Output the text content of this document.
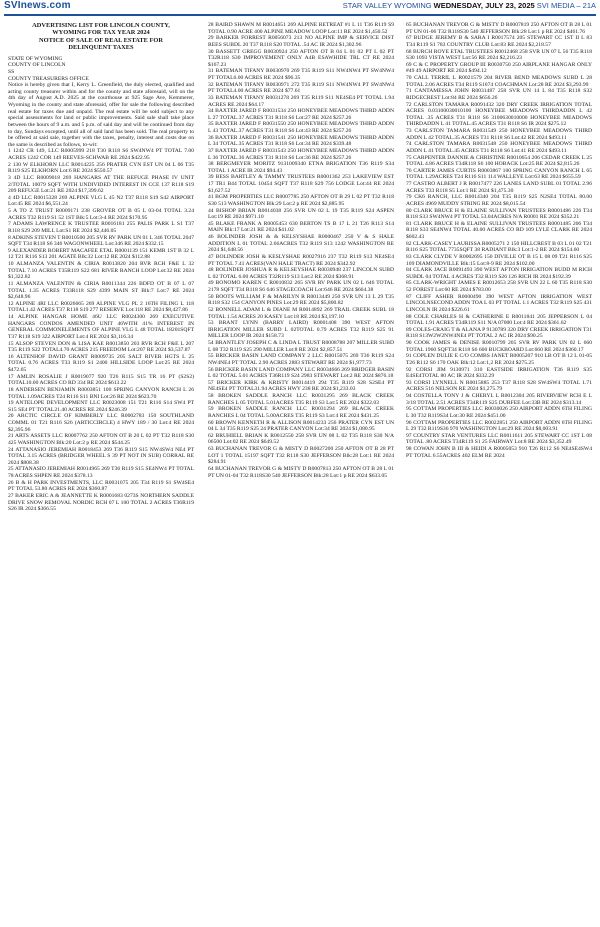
SVInews.com	STAR VALLEY WYOMING WEDNESDAY, JULY 23, 2025 SVI MEDIA – 21A

ADVERTISING LIST FOR LINCOLN COUNTY,
WYOMING FOR TAX YEAR 2024
NOTICE OF SALE OF REAL ESTATE FOR
DELINQUENT TAXES

STATE OF WYOMING
COUNTY OF LINCOLN
SS
COUNTY TREASURERS OFFICE

Notice is hereby given that I, Kerry L. Greenfield, the duly elected, qualified and acting county treasurer within and for the county and state aforesaid, will on the 4th day of August A.D. 2025 at the courthouse at 925 Sage Ave, Kemmerer, Wyoming in the county and state aforesaid, offer for sale the following described real estate for taxes due and unpaid. The real estate will be sold subject to any special assessments for land or public improvements. Said sale shall take place between the hours of 9 a.m. and 5 p.m. of said day and will be continued from day to day, Sundays excepted, until all of said land has been sold. The real property to be offered at said sale, together with the taxes, penalty, interest and costs due on the same is described as follows, to-wit:

1 1242 CR 149, LLC R0005999 218 T30 R118 S6 SW4NW4 PT TOTAL 7.00 ACRES 1242 COR 149 REEVES-SCHWAB RE 2024 $422.95

2 130 W ELKHORN LLC R0014225 256 PRATER CYN EST UN 04 L 06 T35 R119 S25 ELKHORN Lot:6 RE 2024 $550.57

3 4D LLC R0009018 269 HANGARS AT THE REFUGE PHASE IV UNIT 2/TOTAL 10079 SQFT WITH UNDIVIDED INTEREST IN CCE 137 R118 S19 209 REFUGE Lot:21 RE 2024 $17,399.62

4 4D LLC R0015328 269 ALPINE VLG L 45 N2 T37 R118 S19 S42 AIRPORT Lot:45 RE 2024 $6,551.24

5 A TO Z TRUST R0009171 238 GROVER OT B 05 L 03-04 TOTAL 3.24 ACRES T32 R119 S1 52 1ST Blk:5 Lot:3-4 RE 2024 $170.95

7 ADAMS LAWRENCE K TRUSTEE R0016181 255 PALIS PARK L S1 T37 R118 S29 209 MILL Lot:S1 RE 2024 $2,446.05

8 ADKINS STEVEN T R0010500 205 SVR RV PARK UN 01 L 346 TOTAL 2047 SQFT T34 R118 S6 346 WAGONWHEEL Lot:346 RE 2024 $332.15

9 ALEXANDER ROBERT MACAFEE ETAL R0001139 151 KEMR 1ST B 32 L 12 T21 R116 S13 201 AGATE Blk:32 Lot:12 RE 2024 $112.88

10 ALMANZA VALENTIN & CIRIA R0013820 204 RVR RCH F&E L 32 TOTAL 7.10 ACRES T35R119 S22 681 RIVER RANCH LOOP Lot:32 RE 2024 $1,322.82

11 ALMANZA VALENTIN & CIRIA R0011344 226 BDFD OT B 07 L 07 TOTAL 1.35 ACRES T33R118 S29 4399 MAIN ST Blk:7 Lot:7 RE 2024 $2,648.96

12 ALPINE 4RI LLC R0026665 269 ALPINE VLG PL 2 16TH FILING L 118 TOTAL1.42 ACRES T37 R118 S19 277 RESERVE Lot:118 RE 2024 $8,427.86

14 ALPINE HANGAR HOME 46U LLC R0024300 269 EXECUTIVE HANGARS CONDOS AMENDED UNIT 46WITH 41% INTEREST IN GENERAL COMMONELEMENTS OF ALPINE VLG L 48 TOTAL 18201SQFT T37 R118 S19 322 AIRPORT Lot:4 RE 2024 $3,116.34

15 ALSOP STEVEN DON & LISA KAE R0013850 203 RVR RCH F&E L 207 T35 R119 S22 TOTAL4.70 ACRES 215 FREEDOM Lot:207 RE 2024 $3,537.87

16 ALTENHOF DAVID GRANT R0009735 205 SALT RIVER HGTS L 25 TOTAL 0.76 ACRES T33 R119 S1 2400 HILLSIDE LOOP Lot:25 RE 2024 $472.65

17 AMLIN ROSALIE J R0019077 920 T26 R115 S15 TR 16 PT (S2S2) TOTAL10.00 ACRES CO RD 334 RE 2024 $613.22

18 ANDERSEN BENJAMIN R0003851 100 SPRING CANYON RANCH L 26 TOTAL 1.09ACRES T24 R116 S11 BNI Lot:26 RE 2024 $623.70

19 ANTELOPE DEVELOPMENT LLC R0023008 151 T21 R116 S14 SW4 PT S15 SE4 PT TOTAL21.40 ACRES RE 2024 $246.39

20 ARCTIC CIRCLE OF KIMBERLY LLC R0002783 150 SOUTHLAND COMML 01 T21 R116 S26 (ARTICCIRCLE) 4 HWY 189 / 30 Lot:4 RE 2024 $2,395.96

21 ARTS ASSETS LLC R0007762 250 AFTON OT B 20 L 02 PT T32 R118 S30 425 WASHINGTON Blk:20 Lot:2 p RE 2024 $544.25

24 ATTANASIO JEREMIAH R0018453 269 T36 R119 S15 NW4SW4 NE4 PT TOTAL 3.15 ACRES (BRIDGER WHEEL S 39 PT NOT IN SUB) CORRAL RE 2024 $808.38

25 ATTANASIO JEREMIAH R0014965 269 T36 R119 S15 SE4NW4 PT TOTAL 78 ACRES SHPEN RE 2024 $378.13

26 B & H PARK INVESTMENTS, LLC R0031075 205 T34 R119 S1 SW4SE4 PT TOTAL 53.80 ACRES RE 2024 $360.87

27 BAKER ERIC A & JEANNETTE K R0001683 0273S NORTHERN SADDLE DRIVE SNOW REMOVAL NORDIC RCH 07 L 100 TOTAL 2 ACRES T36R119 S26 IR 2024 $366.55

28 BAIRD SHAWN M R0014651 269 ALPINE RETREAT #1 L 11 T36 R119 S9 TOTAL 0.90 ACRE 400 ALPINE MEADOW LOOP Lot:11 RE 2024 $1,450.52

29 BARKER FORREST R0056073 213 NO ALPINE IMP & SERVICE DIST REES SUBDL 20 T37 R118 S20 TOTAL .54 AC IR 2024 $1,302.96

30 BASSETT GREGG R0030924 250 AFTON OT B 04 L 01 02 PT L 02 PT T32R118 S30 IMPROVEMENT ONLY A4B ESAWHIDE TRL CT RE 2024 $167.23

31 BATEMAN TIFANY R0030970 269 T35 R119 S11 NW4NW4 PT SW4NW4 PT TOTAL6.00 ACRES RE 2024 $96.35

32 BATEMAN TIFANY R0030971 272 T35 R119 S11 NW4NW4 PT SW4NW4 PT TOTAL4.00 ACRES RE 2024 $77.61

33 BATEMAN TIFANY R0031278 269 T35 R119 S11 NE4SE4 PT TOTAL 1.94 ACRES RE 2024 $64.17

34 BAXTER JARED F R0031534 250 HONEYBEE MEADOWS THIRD ADDN L 27 TOTAL.37 ACRES T31 R118 S6 Lot:27 RE 2024 $257.26

35 BAXTER JARED F R0031550 250 HONEYBEE MEADOWS THIRD ADDN L 43 TOTAL.37 ACRES T31 R118 S6 Lot:43 RE 2024 $257.26

36 BAXTER JARED F R0031541 250 HONEYBEE MEADOWS THIRD ADDN L 34 TOTAL.35 ACRES T31 R118 S6 Lot:34 RE 2024 $339.48

37 BAXTER JARED F R0031543 250 HONEYBEE MEADOWS THIRD ADDN L 36 TOTAL.36 ACRES T31 R118 S6 Lot:36 RE 2024 $257.26

38 BERGMEYER MORITZ 9131009340 ETNA BRIGATION T36 R119 S34 TOTAL 1 ACRE IR 2024 $94.43

39 BESS BARTLEY & TAMMY TRUSTEES R0001362 253 LAKEVIEW EST 17 TR1 B44 TOTAL 10454 SQFT T37 R118 S29 756 LODGE Lot:44 RE 2024 $1,627.52

41 BGM PROPERTIES LLC R0007785 250 AFTON OT B 29 L 02 PT T32 R118 S30 513 WASHINGTON Blk:29 Lot:2 p RE 2024 $2,885.95

44 BISHOP BRIAN R0014038 256 SVR UN 02 L 19 T35 R119 S24 ASPEN Lot:19 RE 2024 $971.10

45 BLAKE FRANK A R0005453 630 BERTON TS B 17 L 21 T26 R113 S14 MAIN Blk:17 Lot:21 RE 2024 $41.02

46 BOLINDER JOSH & & KELSYSHAE R0000467 250 V & S HALE ADDITION L 01 TOTAL 2.66ACRES T32 R119 S13 1242 WASHINGTON RE 2024 $1,648.56

47 BOLINDER JOSH & KESLYSHAE R0027916 237 T32 R119 S13 NE4SE4 PT TOTAL 7.41 ACRES(VAN HALE TRACT) RE 2024 $342.92

48 BOLINDER JOSHUA R & KELSEYSHAE R0030948 237 LINCOLN SUBD L 02 TOTAL 6.00 ACRES T32R119 S13 Lot:2 RE 2024 $368.91

49 BONOMO KAREN C R0010832 265 SVR RV PARK UN 02 L 646 TOTAL 2178 SQFT T34 R118 S6 646 STAGECOACH Lot:646 RE 2024 $664.38

50 BOOTS WILLIAM F & MARILYN R R0013449 250 SVR UN 13 L 29 T35 R118 S32 154 CANYON PINES Lot:29 RE 2024 $5,800.82

52 BONNELL ADAM L & DIANE M R0014892 269 TRAIL CREEK SUBL 18 TOTAL 1.54 ACRES 20 KASEY Lot:18 RE 2024 $3,197.10

53 BRANT LYNN (BARRY LAIRD) R0001408 390 WEST AFTON IRRIGATION MILLER SUBD L 02TOTAL 0.79 ACRES T32 R119 S25 91 MILLER LOOP IR 2024 $158.73

54 BRANTLEY JOSEPH C & LINDA L TRUST R0008788 207 MILLER SUBD L 08 T32 R119 S25 290 MILLER Lot:8 RE 2024 $2,857.51

55 BRICKER BASIN LAND COMPANY 2 LLC R0015075 269 T36 R119 S24 NW4NE4 PT TOTAL 2.90 ACRES 2883 STEWART RE 2024 $1,977.73

56 BRICKER BASIN LAND COMPANY LLC R0034666 269 BRIDGER BASIN L 02 TOTAL 5.01 ACRES T36R119 S24 2983 STEWART Lot:2 RE 2024 $876.18

57 BRICKER KIRK & KRISTY R0014419 294 T35 R119 S28 S2SE4 PT NE4SE4 PT TOTAL31.94 ACRES HWY 238 RE 2024 $1,233.03

58 BROKEN SADDLE RANCH LLC R0031295 269 BLACK CREEK RANCHES L 05 TOTAL 5.01ACRES T35 R119 S3 Lot:5 RE 2024 $322.03

59 BROKEN SADDLE RANCH LLC R0031294 269 BLACK CREEK RANCHES L 04 TOTAL 5.00ACRES T35 R119 S3 Lot:4 RE 2024 $431.25

60 BROWN KENNETH R & ALLISON R0014233 256 PRATER CYN EST UN 04 L 34 T35 R119 S25 24 PRATER CANYON Lot:34 RE 2024 $1,080.95

62 BRUHIELL BRIAN K R0012550 258 SVR UN 08 L 02 T35 R118 S30 N/A 06500 Lot:02 RE 2024 $649.52

63 BUCHANAN TREVOR G & MISTY D R0027200 250 AFTON OT B 28 PT LOT 1 TOTAL 15197 SQFT T32 R118 S30 JEFFERSON Blk:28 Lot:1 RE 2024 $284.91

64 BUCHANAN TREVOR G & MISTY D R0007813 250 AFTON OT B 28 L 01 PT UN 01-04 T32 R118S30 540 JEFFERSON Blk:28 Lot:1 p RE 2024 $633.05

65 BUCHANAN TREVOR G & MISTY D R0007819 250 AFTON OT B 28 L 01 PT UN 01-06 T32 R118S30 540 JEFFERSON Blk:28 Lot:1 p RE 2024 $461.76

67 BUDGE JEREMY B & SARA I R0017574 205 STEWART CC 1ST II L 83 T34 R119 S1 783 COUNTRY CLUB Lot:83 RE 2024 $2,218.57

68 BURCH ROYE ETAL TRUSTEES R0012468 258 SVR UN 07 L 56 T35 R118 S30 1093 VISTA WEST Lot:56 RE 2024 $2,216.23

69 C & C PROPERTY GROUP III R0030750 250 AIRPLANE HANGAR ONLY #49 49 AIRPORT RE 2024 $494.12

70 CALL TERRIL L R0021579 204 RIVER BEND MEADOWS SUBD L 28 TOTAL 2.06 ACRES T34 R119 S1074 COACHMAN Lot:28 RE 2024 $3,293.99

71 CANTAMESSA JOHN R0031487 258 SVR UN 14 L 84 T35 R118 S32 RIDGECREST Lot:84 RE 2024 $656.26

72 CARLSTON TAMARA R0091432 320 DRY CREEK IRRIGATION TOTAL ACRES 0.03100030010100 HONEYBEE MEADOWS THIRDADDN L 42 TOTAL .35 ACRES T31 R118 S6 3100630010000 HONEYBEE MEADOWS THIRDADDN L 41 TOTAL.45 ACRES T31 R118 S6 IR 2024 $275.12

73 CARLSTON TAMARA R0031549 250 HONEYBEE MEADOWS THIRD ADDN L 42 TOTAL.35 ACRES T31 R118 S6 Lot:42 RE 2024 $493.11

74 CARLSTON TAMARA R0031548 250 HONEYBEE MEADOWS THIRD ADDN L 41 TOTAL.45 ACRES T31 R118 S6 Lot:41 RE 2024 $493.11

75 CARPENTER DANNIE & CHRISTINE R0010654 206 CEDAR CREEK L 25 TOTAL 4.86 ACRES T34R118 S6 100 HOBACK Lot:25 RE 2024 $2,815.26

76 CARTER JAMES CURTIS R0003867 100 SPRING CANYON RANCH L 65 TOTAL 1.29ACRES T24 R116 S11 114 WALLEYE Lot:63 RE 2024 $655.59

77 CASTRO ALBERT J R R0017477 226 LANES LAND SUBL 01 TOTAL 2.96 ACRES T33 R118 S5 Lot:1 RE 2024 $1,475.30

79 CK6 RANCH, LLC R0014340 204 T35 R119 S25 N2SE4 TOTAL 80.00 ACRES 4969 MUDDY STRING RE 2024 $8,015.54

80 CLARK BRUCE H & ELAINE SULLIVAN TRUSTEES R0001486 226 T34 R118 S33 SW4NW4 PT TOTAL 53.04ACRES N/A R0001 RE 2024 $352.21

81 CLARK BRUCE H & ELAINE SULLIVAN TRUSTEES R0001485 206 T34 R118 S33 SE4NW4 TOTAL 40.00 ACRES CO RD 109 LYLE CLARK RE 2024 $602.43

82 CLARK-CASEY LAURISSA R0005271 2 150 HILLCREST B 03 L 01 02 T21 R116 S25 TOTAL 7735SQFT 38 RADIANT Blk:3 Lot:1-2 RE 2024 $154.60

83 CLARK CLYDE V R0002695 150 DIVILLE OT B 15 L 08 09 T21 R116 S25 109 DIAMONDVILLE Blk:15 Lot:8-9 RE 2024 $102.00

84 CLARK JACE R0091493 390 WEST AFTON IRRIGATION BUDD M RICH SUBDL 04 TOTAL 4 ACRES T32 R119 S26 126 RICH IR 2024 $192.39

85 CLARK-WRIGHT JAMES E R0012653 258 SVR UN 22 L 60 T35 R118 S30 52 FOREST Lot:60 RE 2024 $783.00

87 CLIFF ASHER R0000490 390 WEST AFTON IRRIGATION WEST LINCOLNSECOND ADDN TOA L 03 PT TOTAL 1.1 ACRES T32 R119 S25 431 LINCOLN IR 2024 $226.61

88 COLE CHARLES H & CATHERINE E R0011841 205 JEPPERSON L 04 TOTAL 1.91 ACRES T34R119 S11 N/A 07000 Lot:4 RE 2024 $361.62

89 COLES-CRAIG T & ALANA P 9130789 320 DRY CREEK IRRIGATION T31 R118 S13W2W2NW4NE4 PT TOTAL 2 AC IR 2024 $90.25

90 COOK JAMES & DENISE R0010799 205 SVR RV PARK UN 02 L 660 TOTAL 1960 SQFT34 R118 S6 600 BUCKBOARD Lot:660 RE 2024 $360.17

91 COPLEN DULIE E C/O COMBS JANET R0005207 910 LB OT B 12 L 01-05 T26 R112 S6 170 OAK Blk:12 Lot:1,2 RE 2024 $275.25

92 CORSI JIM 9130971 310 EASTSIDE IRRIGATION T36 R119 S35 E4SE4TOTAL 80 AC IR 2024 $332.29

93 CORSI LYNNELL N R0015885 253 T37 R118 S28 SW4SW4 TOTAL 1.71 ACRES 516 NELSON RE 2024 $1,275.79

94 COSTELLA TONY J & CHERYL L R0012304 205 RIVERVIEW RCH E L 3/18 TOTAL 2.51 ACRES T34R119 S25 DURFEE Lot:33B RE 2024 $313.14

95 COTTAM PROPERTIES LLC R0030026 250 AIRPORT ADDN 6TH FILING L 30 T32 R119S34 Lot:30 RE 2024 $451.00

96 COTTAM PROPERTIES LLC R0022851 250 AIRPORT ADDN 6TH FILING L 29 T32 R119S36 970 WASHINGTON Lot:29 RE 2024 $8,003.91

97 COUNTRY STAR VENTURES LLC R0011611 205 STEWART CC 1ST L 08 TOTAL .80 ACRES T34R119 S1 25 FAIRWAY Lot:8 RE 2024 $3,352.49

98 COWAN JOHN B III & HEIDI A R0005053 910 T26 R112 S6 NE4SE4SW4 PT TOTAL 6.55ACRES 402 ELM RE 2024
